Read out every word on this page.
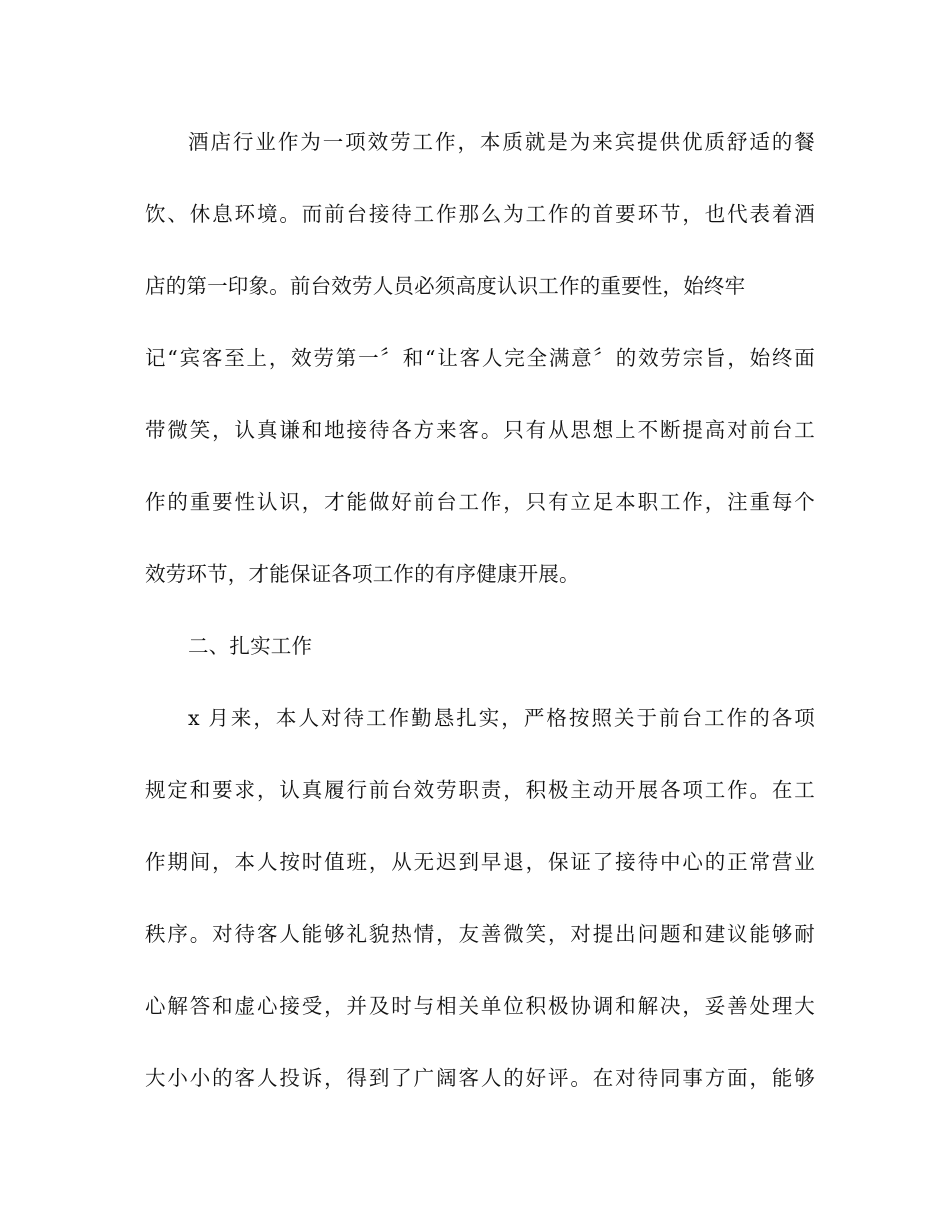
酒店行业作为一项效劳工作，本质就是为来宾提供优质舒适的餐
饮、休息环境。而前台接待工作那么为工作的首要环节，也代表着酒
店的第一印象。前台效劳人员必须高度认识工作的重要性，始终牢
记“宾客至上，效劳第一〞和“让客人完全满意〞的效劳宗旨，始终面
带微笑，认真谦和地接待各方来客。只有从思想上不断提高对前台工
作的重要性认识，才能做好前台工作，只有立足本职工作，注重每个
效劳环节，才能保证各项工作的有序健康开展。
二、扎实工作
x 月来，本人对待工作勤恳扎实，严格按照关于前台工作的各项
规定和要求，认真履行前台效劳职责，积极主动开展各项工作。在工
作期间，本人按时值班，从无迟到早退，保证了接待中心的正常营业
秩序。对待客人能够礼貌热情，友善微笑，对提出问题和建议能够耐
心解答和虚心接受，并及时与相关单位积极协调和解决，妥善处理大
大小小的客人投诉，得到了广阔客人的好评。在对待同事方面，能够
